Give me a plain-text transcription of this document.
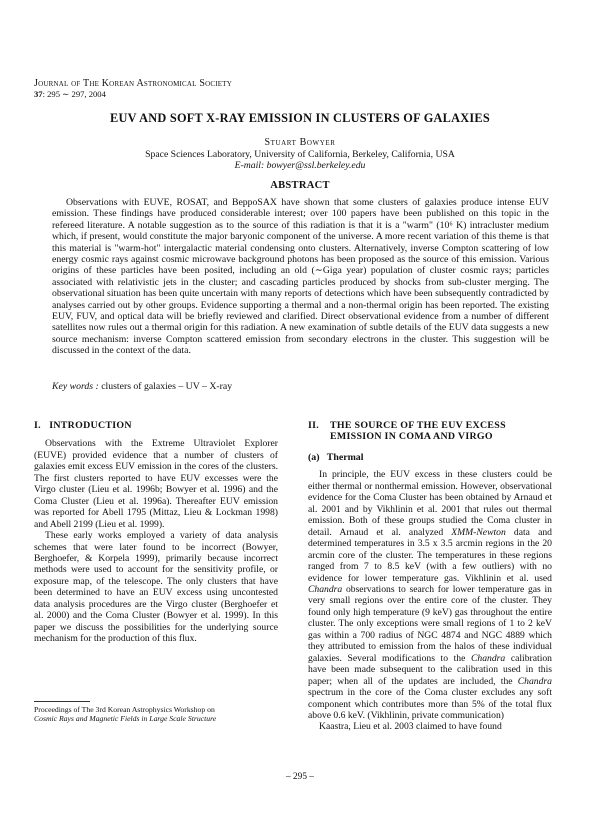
Journal of The Korean Astronomical Society
37: 295 ∼ 297, 2004
EUV AND SOFT X-RAY EMISSION IN CLUSTERS OF GALAXIES
Stuart Bowyer
Space Sciences Laboratory, University of California, Berkeley, California, USA
E-mail: bowyer@ssl.berkeley.edu
ABSTRACT

Observations with EUVE, ROSAT, and BeppoSAX have shown that some clusters of galaxies produce intense EUV emission. These findings have produced considerable interest; over 100 papers have been published on this topic in the refereed literature. A notable suggestion as to the source of this radiation is that it is a "warm" (10⁶ K) intracluster medium which, if present, would constitute the major baryonic component of the universe. A more recent variation of this theme is that this material is "warm-hot" intergalactic material condensing onto clusters. Alternatively, inverse Compton scattering of low energy cosmic rays against cosmic microwave background photons has been proposed as the source of this emission. Various origins of these particles have been posited, including an old (∼Giga year) population of cluster cosmic rays; particles associated with relativistic jets in the cluster; and cascading particles produced by shocks from sub-cluster merging. The observational situation has been quite uncertain with many reports of detections which have been subsequently contradicted by analyses carried out by other groups. Evidence supporting a thermal and a non-thermal origin has been reported. The existing EUV, FUV, and optical data will be briefly reviewed and clarified. Direct observational evidence from a number of different satellites now rules out a thermal origin for this radiation. A new examination of subtle details of the EUV data suggests a new source mechanism: inverse Compton scattered emission from secondary electrons in the cluster. This suggestion will be discussed in the context of the data.

Key words : clusters of galaxies – UV – X-ray
I.   INTRODUCTION

Observations with the Extreme Ultraviolet Explorer (EUVE) provided evidence that a number of clusters of galaxies emit excess EUV emission in the cores of the clusters. The first clusters reported to have EUV excesses were the Virgo cluster (Lieu et al. 1996b; Bowyer et al. 1996) and the Coma Cluster (Lieu et al. 1996a). Thereafter EUV emission was reported for Abell 1795 (Mittaz, Lieu & Lockman 1998) and Abell 2199 (Lieu et al. 1999).

These early works employed a variety of data analysis schemes that were later found to be incorrect (Bowyer, Berghoefer, & Korpela 1999), primarily because incorrect methods were used to account for the sensitivity profile, or exposure map, of the telescope. The only clusters that have been determined to have an EUV excess using uncontested data analysis procedures are the Virgo cluster (Berghoefer et al. 2000) and the Coma Cluster (Bowyer et al. 1999). In this paper we discuss the possibilities for the underlying source mechanism for the production of this flux.

Proceedings of The 3rd Korean Astrophysics Workshop on
Cosmic Rays and Magnetic Fields in Large Scale Structure
II.	THE SOURCE OF THE EUV EXCESS EMISSION IN COMA AND VIRGO
(a)   Thermal

In principle, the EUV excess in these clusters could be either thermal or nonthermal emission. However, observational evidence for the Coma Cluster has been obtained by Arnaud et al. 2001 and by Vikhlinin et al. 2001 that rules out thermal emission. Both of these groups studied the Coma cluster in detail. Arnaud et al. analyzed XMM-Newton data and determined temperatures in 3.5 x 3.5 arcmin regions in the 20 arcmin core of the cluster. The temperatures in these regions ranged from 7 to 8.5 keV (with a few outliers) with no evidence for lower temperature gas. Vikhlinin et al. used Chandra observations to search for lower temperature gas in very small regions over the entire core of the cluster. They found only high temperature (9 keV) gas throughout the entire cluster. The only exceptions were small regions of 1 to 2 keV gas within a 700 radius of NGC 4874 and NGC 4889 which they attributed to emission from the halos of these individual galaxies. Several modifications to the Chandra calibration have been made subsequent to the calibration used in this paper; when all of the updates are included, the Chandra spectrum in the core of the Coma cluster excludes any soft component which contributes more than 5% of the total flux above 0.6 keV. (Vikhlinin, private communication)

Kaastra, Lieu et al. 2003 claimed to have found

– 295 –
